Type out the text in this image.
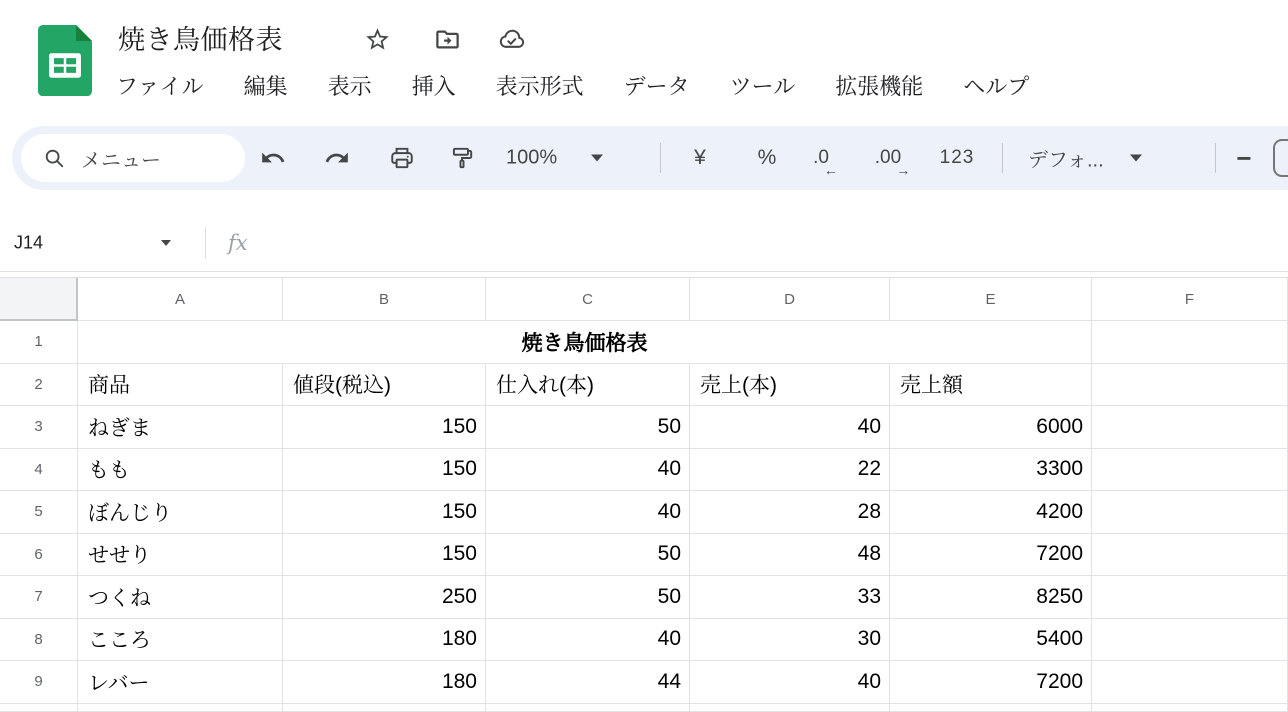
焼き鳥価格表
ファイル 編集 表示 挿入 表示形式 データ ツール 拡張機能 ヘルプ
メニュー	100%	¥	%	.0
←
.00
→
123	デフォ...	−
J14	fx
A	B	C	D	E	F
1	焼き鳥価格表
2	商品	値段(税込)	仕入れ(本)	売上(本)	売上額
3	ねぎま	150	50	40	6000
4	もも	150	40	22	3300
5	ぼんじり	150	40	28	4200
6	せせり	150	50	48	7200
7	つくね	250	50	33	8250
8	こころ	180	40	30	5400
9	レバー	180	44	40	7200
